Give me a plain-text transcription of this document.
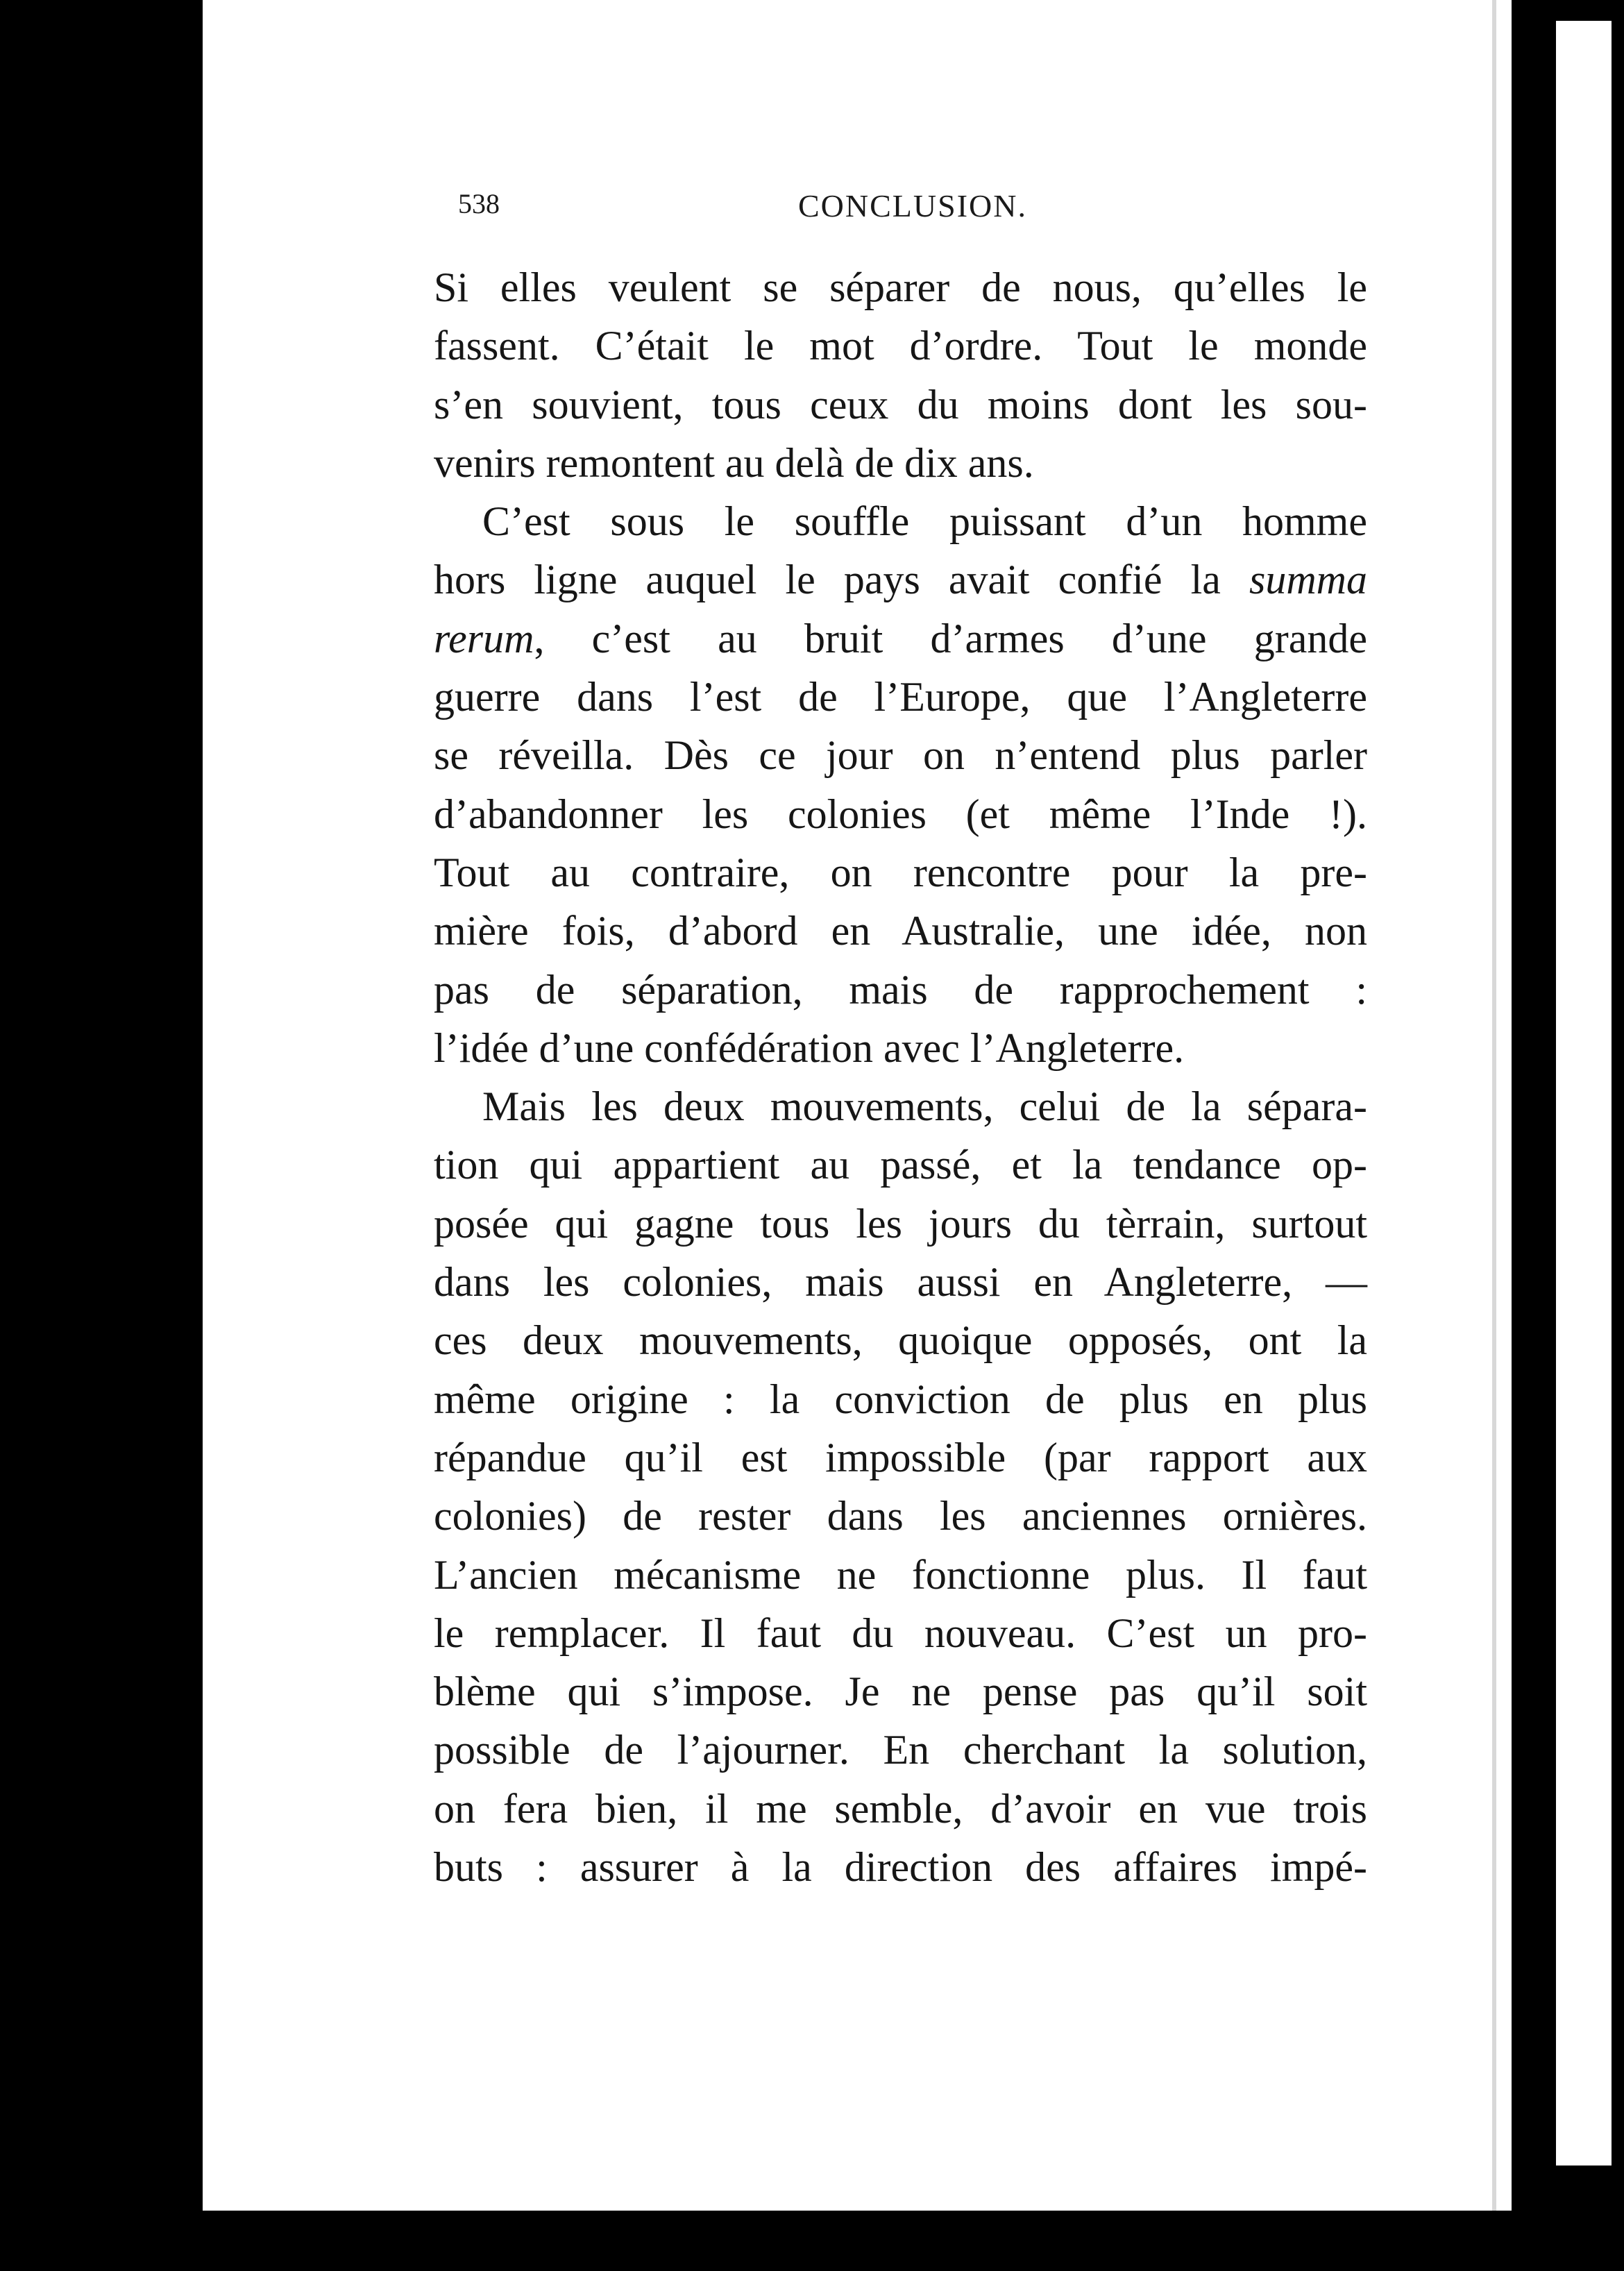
538	CONCLUSION.
Si elles veulent se séparer de nous, qu’elles le
fassent. C’était le mot d’ordre. Tout le monde
s’en souvient, tous ceux du moins dont les sou-
venirs remontent au delà de dix ans.
C’est sous le souffle puissant d’un homme
hors ligne auquel le pays avait confié la summa
rerum, c’est au bruit d’armes d’une grande
guerre dans l’est de l’Europe, que l’Angleterre
se réveilla. Dès ce jour on n’entend plus parler
d’abandonner les colonies (et même l’Inde !).
Tout au contraire, on rencontre pour la pre-
mière fois, d’abord en Australie, une idée, non
pas de séparation, mais de rapprochement :
l’idée d’une confédération avec l’Angleterre.
Mais les deux mouvements, celui de la sépara-
tion qui appartient au passé, et la tendance op-
posée qui gagne tous les jours du tèrrain, surtout
dans les colonies, mais aussi en Angleterre, —
ces deux mouvements, quoique opposés, ont la
même origine : la conviction de plus en plus
répandue qu’il est impossible (par rapport aux
colonies) de rester dans les anciennes ornières.
L’ancien mécanisme ne fonctionne plus. Il faut
le remplacer. Il faut du nouveau. C’est un pro-
blème qui s’impose. Je ne pense pas qu’il soit
possible de l’ajourner. En cherchant la solution,
on fera bien, il me semble, d’avoir en vue trois
buts : assurer à la direction des affaires impé-
